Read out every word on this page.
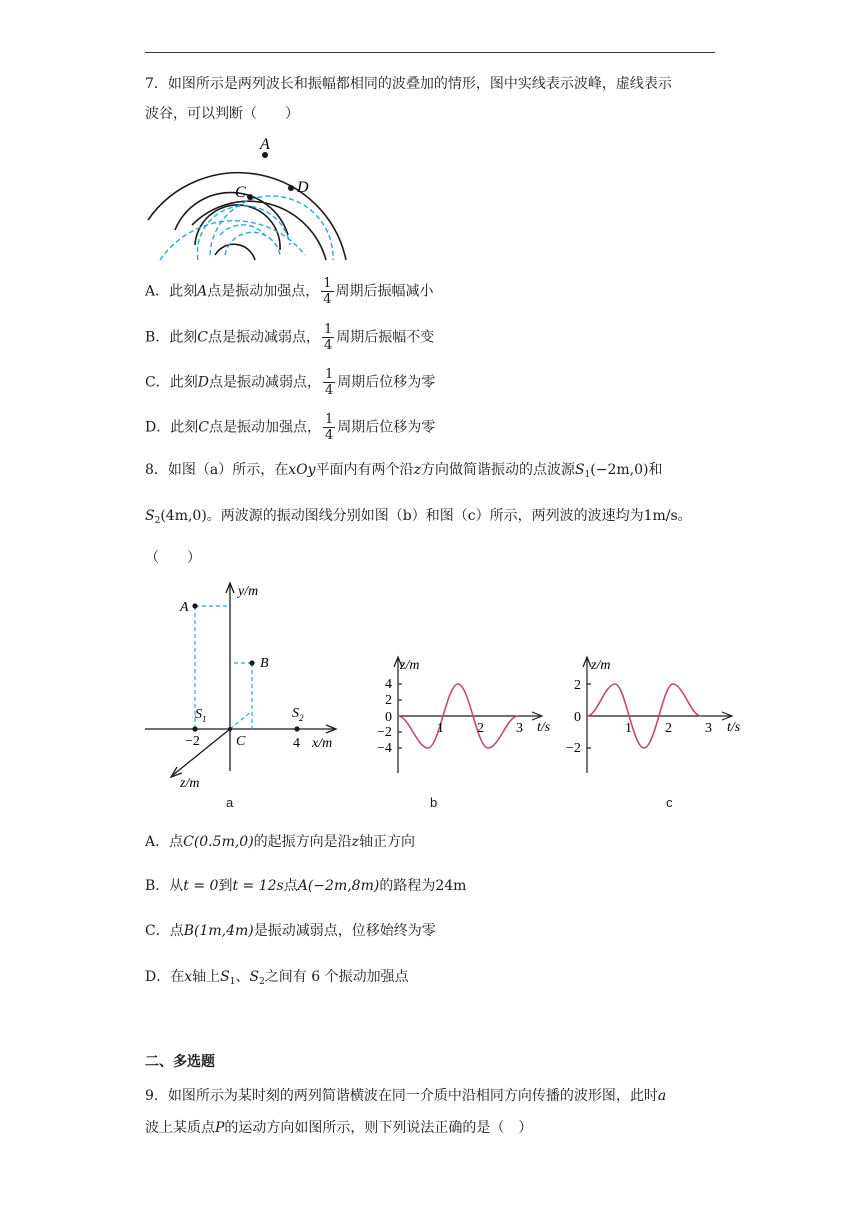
7．如图所示是两列波长和振幅都相同的波叠加的情形，图中实线表示波峰，虚线表示
波谷，可以判断（　　）
A
C	D
A．此刻A点是振动加强点， $\frac{1}{4}$ 周期后振幅减小
B．此刻C点是振动减弱点， $\frac{1}{4}$ 周期后振幅不变
C．此刻D点是振动减弱点， $\frac{1}{4}$ 周期后位移为零
D．此刻C点是振动加强点， $\frac{1}{4}$ 周期后位移为零
8．如图（a）所示，在xOy平面内有两个沿z方向做简谐振动的点波源$S_1(-2m,0)$和
$S_2(4m,0)$。两波源的振动图线分别如图（b）和图（c）所示，两列波的波速均为1m/s。
（　　）
y/m
A
B
$S_1$	$S_2$
−2	C	4 x/m
z/m
a
z/m
4
2
0
−2
−4
1 2 3 t/s
b
z/m
2
0
−2
1 2 3 t/s
c
A．点C(0.5m,0)的起振方向是沿z轴正方向
B．从t = 0到t = 12s点A(−2m,8m)的路程为24m
C．点B(1m,4m)是振动减弱点，位移始终为零
D．在x轴上$S_1$、$S_2$之间有 6 个振动加强点
二、多选题
9．如图所示为某时刻的两列简谐横波在同一介质中沿相同方向传播的波形图，此时a
波上某质点P的运动方向如图所示，则下列说法正确的是（　）
